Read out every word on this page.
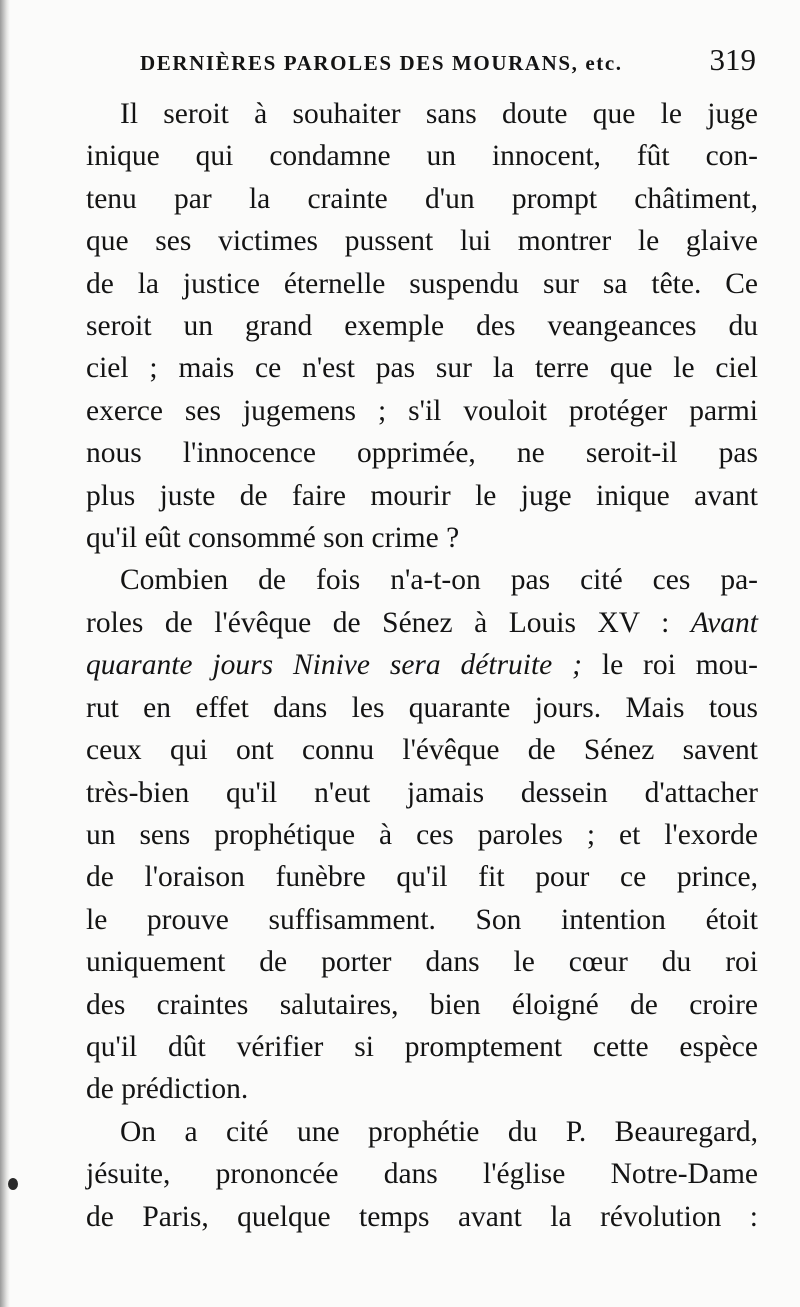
DERNIÈRES PAROLES DES MOURANS, etc.	319
Il seroit à souhaiter sans doute que le juge
inique qui condamne un innocent, fût con-
tenu par la crainte d'un prompt châtiment,
que ses victimes pussent lui montrer le glaive
de la justice éternelle suspendu sur sa tête. Ce
seroit un grand exemple des veangeances du
ciel ; mais ce n'est pas sur la terre que le ciel
exerce ses jugemens ; s'il vouloit protéger parmi
nous l'innocence opprimée, ne seroit-il pas
plus juste de faire mourir le juge inique avant
qu'il eût consommé son crime ?
Combien de fois n'a-t-on pas cité ces pa-
roles de l'évêque de Sénez à Louis XV : Avant
quarante jours Ninive sera détruite ; le roi mou-
rut en effet dans les quarante jours. Mais tous
ceux qui ont connu l'évêque de Sénez savent
très-bien qu'il n'eut jamais dessein d'attacher
un sens prophétique à ces paroles ; et l'exorde
de l'oraison funèbre qu'il fit pour ce prince,
le prouve suffisamment. Son intention étoit
uniquement de porter dans le cœur du roi
des craintes salutaires, bien éloigné de croire
qu'il dût vérifier si promptement cette espèce
de prédiction.
On a cité une prophétie du P. Beauregard,
jésuite, prononcée dans l'église Notre-Dame
de Paris, quelque temps avant la révolution :
